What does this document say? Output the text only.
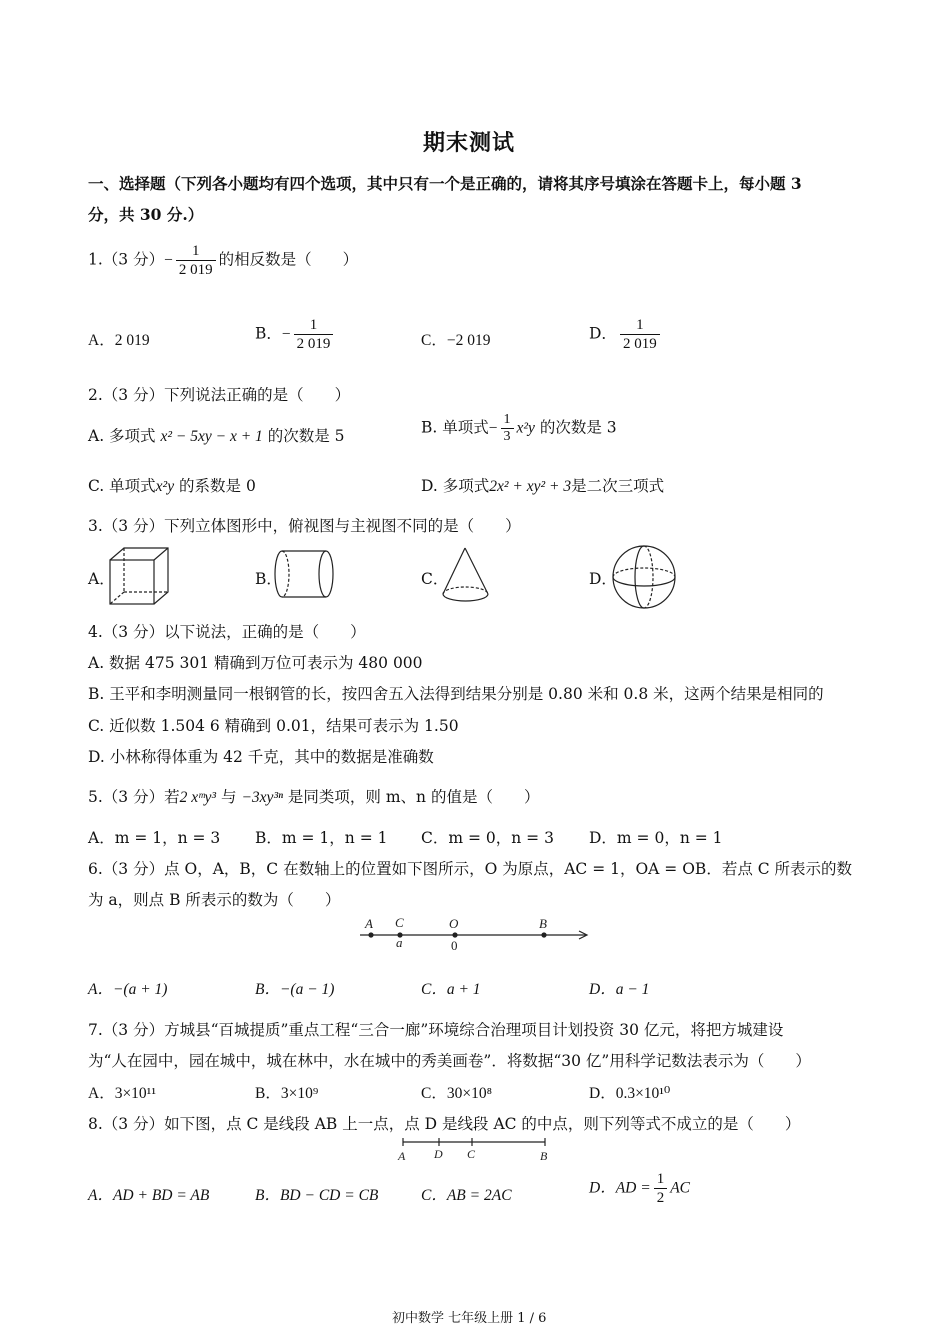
期末测试
一、选择题（下列各小题均有四个选项，其中只有一个是正确的，请将其序号填涂在答题卡上，每小题 3
分，共 30 分.）
1.（3 分）− $\frac{1}{2 019}$ 的相反数是（　　）
A．2 019	B．− $\frac{1}{2 019}$	C．−2 019	D． $\frac{1}{2 019}$
2.（3 分）下列说法正确的是（　　）
A. 多项式 x² − 5xy − x + 1 的次数是 5	B. 单项式− $\frac{1}{3} x^2y$ 的次数是 3
C. 单项式x²y 的系数是 0	D. 多项式2x² + xy² + 3是二次三项式
3.（3 分）下列立体图形中，俯视图与主视图不同的是（　　）
A．	B．	C．	D．
4.（3 分）以下说法，正确的是（　　）
A. 数据 475 301 精确到万位可表示为 480 000
B. 王平和李明测量同一根钢管的长，按四舍五入法得到结果分别是 0.80 米和 0.8 米，这两个结果是相同的
C. 近似数 1.504 6 精确到 0.01，结果可表示为 1.50
D. 小林称得体重为 42 千克，其中的数据是准确数
5.（3 分）若2 xᵐy³ 与 −3xy³ⁿ 是同类项，则 m、n 的值是（　　）
A．m = 1，n = 3 B．m = 1，n = 1 C．m = 0，n = 3 D．m = 0，n = 1
6.（3 分）点 O，A，B，C 在数轴上的位置如下图所示，O 为原点，AC = 1，OA = OB．若点 C 所表示的数
为 a，则点 B 所表示的数为（　　）
A C	O	B
a	0
A．−(a + 1)	B．−(a − 1)	C．a + 1	D．a − 1
7.（3 分）方城县“百城提质”重点工程“三合一廊”环境综合治理项目计划投资 30 亿元，将把方城建设
为“人在园中，园在城中，城在林中，水在城中的秀美画卷”．将数据“30 亿”用科学记数法表示为（　　）
A．3×10¹¹	B．3×10⁹	C．30×10⁸	D．0.3×10¹⁰
8.（3 分）如下图，点 C 是线段 AB 上一点，点 D 是线段 AC 的中点，则下列等式不成立的是（　　）
A D C	B
A．AD + BD = AB	B．BD − CD = CB	C．AB = 2AC	D．AD = $\frac{1}{2}$ AC
初中数学 七年级上册 1 / 6
